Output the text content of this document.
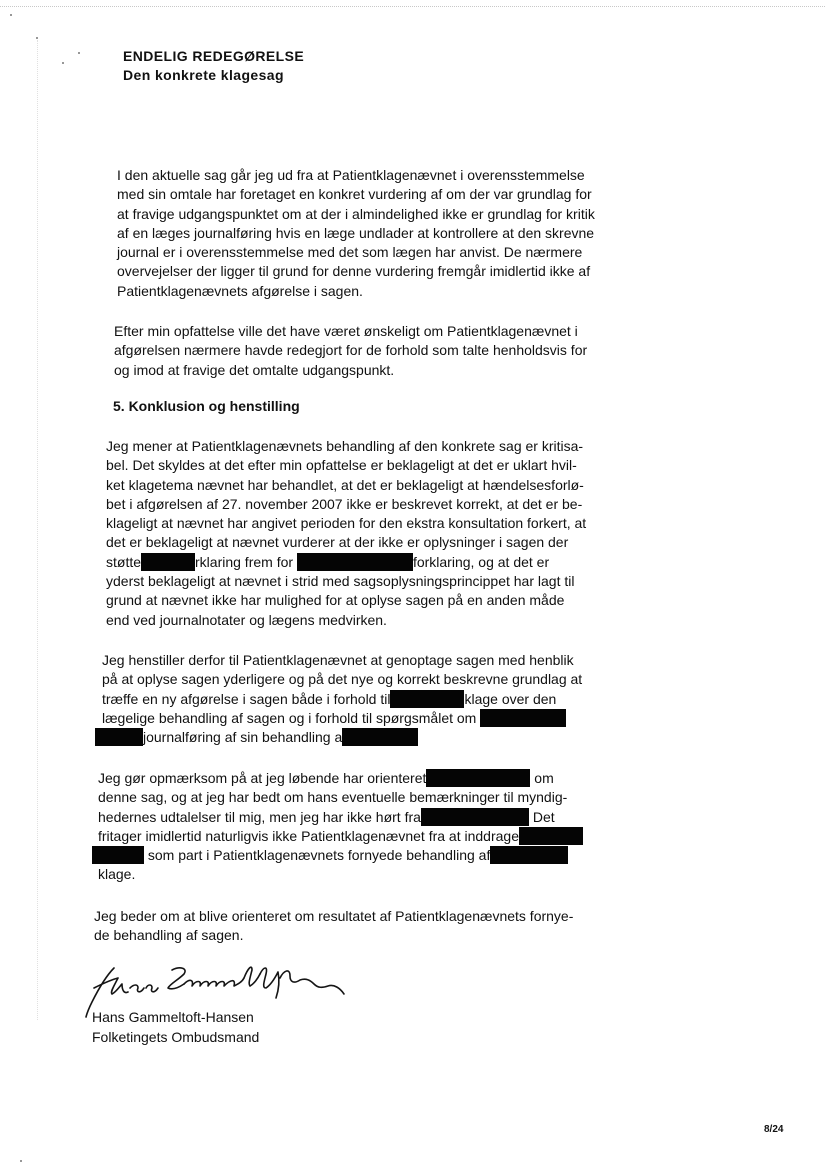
ENDELIG REDEGØRELSE
Den konkrete klagesag
I den aktuelle sag går jeg ud fra at Patientklagenævnet i overensstemmelse
med sin omtale har foretaget en konkret vurdering af om der var grundlag for
at fravige udgangspunktet om at der i almindelighed ikke er grundlag for kritik
af en læges journalføring hvis en læge undlader at kontrollere at den skrevne
journal er i overensstemmelse med det som lægen har anvist. De nærmere
overvejelser der ligger til grund for denne vurdering fremgår imidlertid ikke af
Patientklagenævnets afgørelse i sagen.
Efter min opfattelse ville det have været ønskeligt om Patientklagenævnet i
afgørelsen nærmere havde redegjort for de forhold som talte henholdsvis for
og imod at fravige det omtalte udgangspunkt.
5. Konklusion og henstilling
Jeg mener at Patientklagenævnets behandling af den konkrete sag er kritisa-
bel. Det skyldes at det efter min opfattelse er beklageligt at det er uklart hvil-
ket klagetema nævnet har behandlet, at det er beklageligt at hændelsesforlø-
bet i afgørelsen af 27. november 2007 ikke er beskrevet korrekt, at det er be-
klageligt at nævnet har angivet perioden for den ekstra konsultation forkert, at
det er beklageligt at nævnet vurderer at der ikke er oplysninger i sagen der
støtte	rklaring frem for	forklaring, og at det er
yderst beklageligt at nævnet i strid med sagsoplysningsprincippet har lagt til
grund at nævnet ikke har mulighed for at oplyse sagen på en anden måde
end ved journalnotater og lægens medvirken.
Jeg henstiller derfor til Patientklagenævnet at genoptage sagen med henblik
på at oplyse sagen yderligere og på det nye og korrekt beskrevne grundlag at
træffe en ny afgørelse i sagen både i forhold til	klage over den
lægelige behandling af sagen og i forhold til spørgsmålet om
journalføring af sin behandling a
Jeg gør opmærksom på at jeg løbende har orienteret	om
denne sag, og at jeg har bedt om hans eventuelle bemærkninger til myndig-
hedernes udtalelser til mig, men jeg har ikke hørt fra	Det
fritager imidlertid naturligvis ikke Patientklagenævnet fra at inddrage
som part i Patientklagenævnets fornyede behandling af
klage.
Jeg beder om at blive orienteret om resultatet af Patientklagenævnets fornye-
de behandling af sagen.
Hans Gammeltoft-Hansen
Folketingets Ombudsmand
8/24
